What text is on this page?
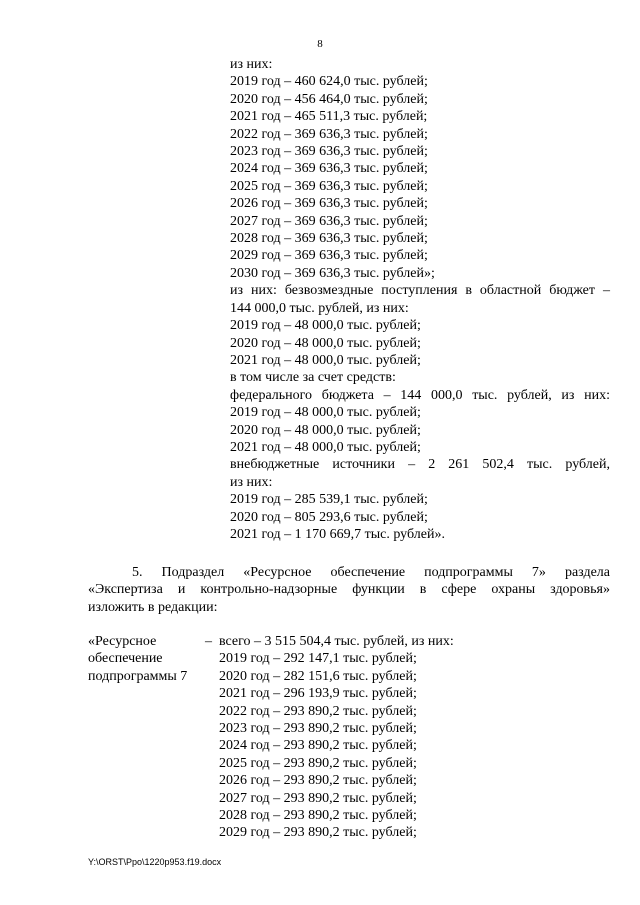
8
из них:
2019 год – 460 624,0 тыс. рублей;
2020 год – 456 464,0 тыс. рублей;
2021 год – 465 511,3 тыс. рублей;
2022 год – 369 636,3 тыс. рублей;
2023 год – 369 636,3 тыс. рублей;
2024 год – 369 636,3 тыс. рублей;
2025 год – 369 636,3 тыс. рублей;
2026 год – 369 636,3 тыс. рублей;
2027 год – 369 636,3 тыс. рублей;
2028 год – 369 636,3 тыс. рублей;
2029 год – 369 636,3 тыс. рублей;
2030 год – 369 636,3 тыс. рублей»;
из них: безвозмездные поступления в областной бюджет –
144 000,0 тыс. рублей, из них:
2019 год – 48 000,0 тыс. рублей;
2020 год – 48 000,0 тыс. рублей;
2021 год – 48 000,0 тыс. рублей;
в том числе за счет средств:
федерального бюджета – 144 000,0 тыс. рублей, из них:
2019 год – 48 000,0 тыс. рублей;
2020 год – 48 000,0 тыс. рублей;
2021 год – 48 000,0 тыс. рублей;
внебюджетные источники – 2 261 502,4 тыс. рублей,
из них:
2019 год – 285 539,1 тыс. рублей;
2020 год – 805 293,6 тыс. рублей;
2021 год – 1 170 669,7 тыс. рублей».
5. Подраздел «Ресурсное обеспечение подпрограммы 7» раздела
«Экспертиза и контрольно-надзорные функции в сфере охраны здоровья»
изложить в редакции:
«Ресурсное
обеспечение
подпрограммы 7
– всего – 3 515 504,4 тыс. рублей, из них:
2019 год – 292 147,1 тыс. рублей;
2020 год – 282 151,6 тыс. рублей;
2021 год – 296 193,9 тыс. рублей;
2022 год – 293 890,2 тыс. рублей;
2023 год – 293 890,2 тыс. рублей;
2024 год – 293 890,2 тыс. рублей;
2025 год – 293 890,2 тыс. рублей;
2026 год – 293 890,2 тыс. рублей;
2027 год – 293 890,2 тыс. рублей;
2028 год – 293 890,2 тыс. рублей;
2029 год – 293 890,2 тыс. рублей;
Y:\ORST\Ppo\1220p953.f19.docx
